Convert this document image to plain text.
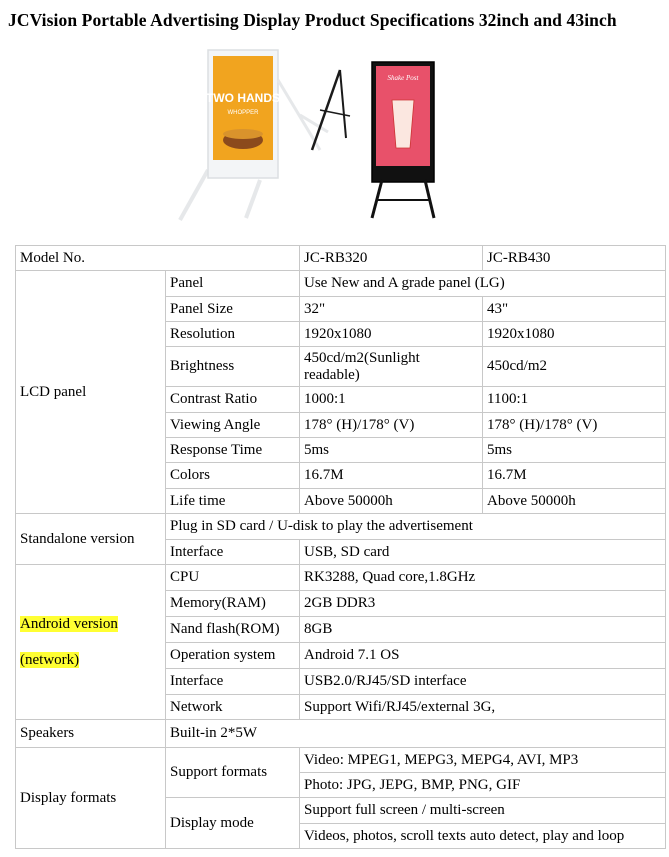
JCVision Portable Advertising Display Product Specifications 32inch and 43inch
TWO HANDS
WHOPPER
Shake Post
Model No.		JC-RB320	JC-RB430
LCD panel	Panel	Use New and A grade panel (LG)	
	Panel Size	32"	43"
	Resolution	1920x1080	1920x1080
	Brightness	450cd/m2(Sunlight readable)	450cd/m2
	Contrast Ratio	1000:1	1100:1
	Viewing Angle	178° (H)/178° (V)	178° (H)/178° (V)
	Response Time	5ms	5ms
	Colors	16.7M	16.7M
	Life time	Above 50000h	Above 50000h
Standalone version	Plug in SD card / U-disk to play the advertisement		
	Interface	USB, SD card	

Android version
(network)	CPU	RK3288, Quad core,1.8GHz	
	Memory(RAM)	2GB DDR3	
	Nand flash(ROM)	8GB	
	Operation system	Android 7.1 OS	
	Interface	USB2.0/RJ45/SD interface	
	Network	Support Wifi/RJ45/external 3G,	
Speakers	Built-in 2*5W		
Display formats	Support formats	Video: MPEG1, MEPG3, MEPG4, AVI, MP3	
		Photo: JPG, JEPG, BMP, PNG, GIF	
	Display mode	Support full screen / multi-screen	
		Videos, photos, scroll texts auto detect, play and loop	
